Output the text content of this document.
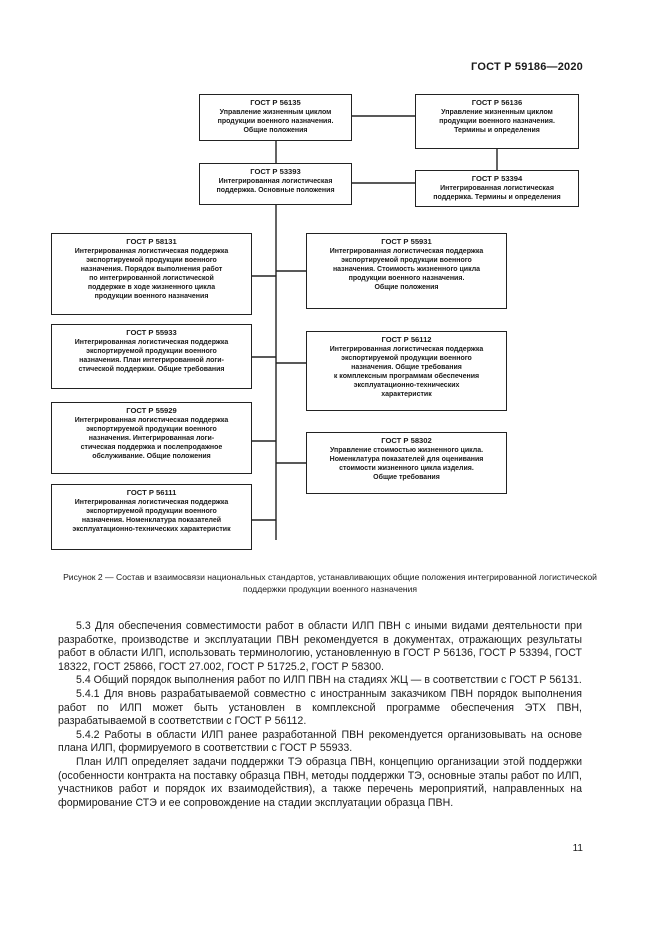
ГОСТ Р 59186—2020
ГОСТ Р 56135
Управление жизненным циклом
продукции военного назначения.
Общие положения
ГОСТ Р 56136
Управление жизненным циклом
продукции военного назначения.
Термины и определения
ГОСТ Р 53393
Интегрированная логистическая
поддержка. Основные положения
ГОСТ Р 53394
Интегрированная логистическая
поддержка. Термины и определения
ГОСТ Р 58131
Интегрированная логистическая поддержка
экспортируемой продукции военного
назначения. Порядок выполнения работ
по интегрированной логистической
поддержке в ходе жизненного цикла
продукции военного назначения
ГОСТ Р 55931
Интегрированная логистическая поддержка
экспортируемой продукции военного
назначения. Стоимость жизненного цикла
продукции военного назначения.
Общие положения
ГОСТ Р 55933
Интегрированная логистическая поддержка
экспортируемой продукции военного
назначения. План интегрированной логи-
стической поддержки. Общие требования
ГОСТ Р 56112
Интегрированная логистическая поддержка
экспортируемой продукции военного
назначения. Общие требования
к комплексным программам обеспечения
эксплуатационно-технических
характеристик
ГОСТ Р 55929
Интегрированная логистическая поддержка
экспортируемой продукции военного
назначения. Интегрированная логи-
стическая поддержка и послепродажное
обслуживание. Общие положения
ГОСТ Р 58302
Управление стоимостью жизненного цикла.
Номенклатура показателей для оценивания
стоимости жизненного цикла изделия.
Общие требования
ГОСТ Р 56111
Интегрированная логистическая поддержка
экспортируемой продукции военного
назначения. Номенклатура показателей
эксплуатационно-технических характеристик
Рисунок 2 — Состав и взаимосвязи национальных стандартов, устанавливающих общие положения интегрированной логистической поддержки продукции военного назначения

5.3 Для обеспечения совместимости работ в области ИЛП ПВН с иными видами деятельности при разработке, производстве и эксплуатации ПВН рекомендуется в документах, отражающих результаты работ в области ИЛП, использовать терминологию, установленную в ГОСТ Р 56136, ГОСТ Р 53394, ГОСТ 18322, ГОСТ 25866, ГОСТ 27.002, ГОСТ Р 51725.2, ГОСТ Р 58300.

5.4 Общий порядок выполнения работ по ИЛП ПВН на стадиях ЖЦ — в соответствии с ГОСТ Р 56131.

5.4.1 Для вновь разрабатываемой совместно с иностранным заказчиком ПВН порядок выполнения работ по ИЛП может быть установлен в комплексной программе обеспечения ЭТХ ПВН, разрабатываемой в соответствии с ГОСТ Р 56112.

5.4.2 Работы в области ИЛП ранее разработанной ПВН рекомендуется организовывать на основе плана ИЛП, формируемого в соответствии с ГОСТ Р 55933.

План ИЛП определяет задачи поддержки ТЭ образца ПВН, концепцию организации этой поддержки (особенности контракта на поставку образца ПВН, методы поддержки ТЭ, основные этапы работ по ИЛП, участников работ и порядок их взаимодействия), а также перечень мероприятий, направленных на формирование СТЭ и ее сопровождение на стадии эксплуатации образца ПВН.

11
